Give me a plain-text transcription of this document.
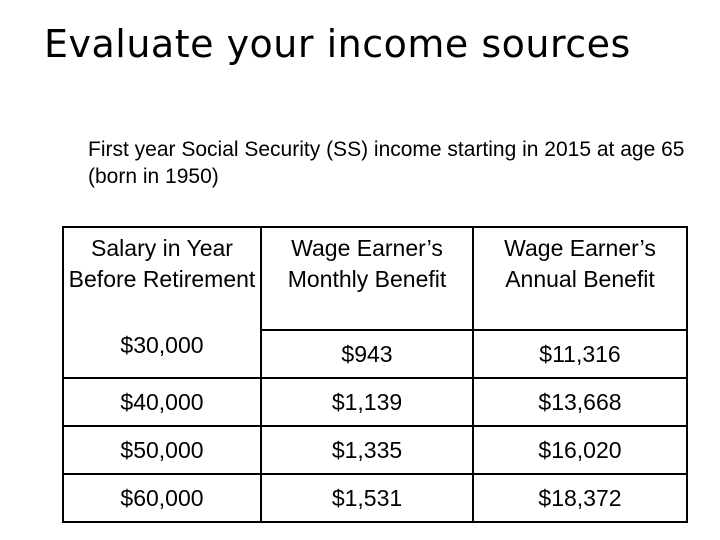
Evaluate your income sources

First year Social Security (SS) income starting in 2015 at age 65 (born in 1950)

Salary in Year Before Retirement	Wage Earner’s Monthly Benefit	Wage Earner’s Annual Benefit
$30,000	$943	$11,316
$40,000	$1,139	$13,668
$50,000	$1,335	$16,020
$60,000	$1,531	$18,372
